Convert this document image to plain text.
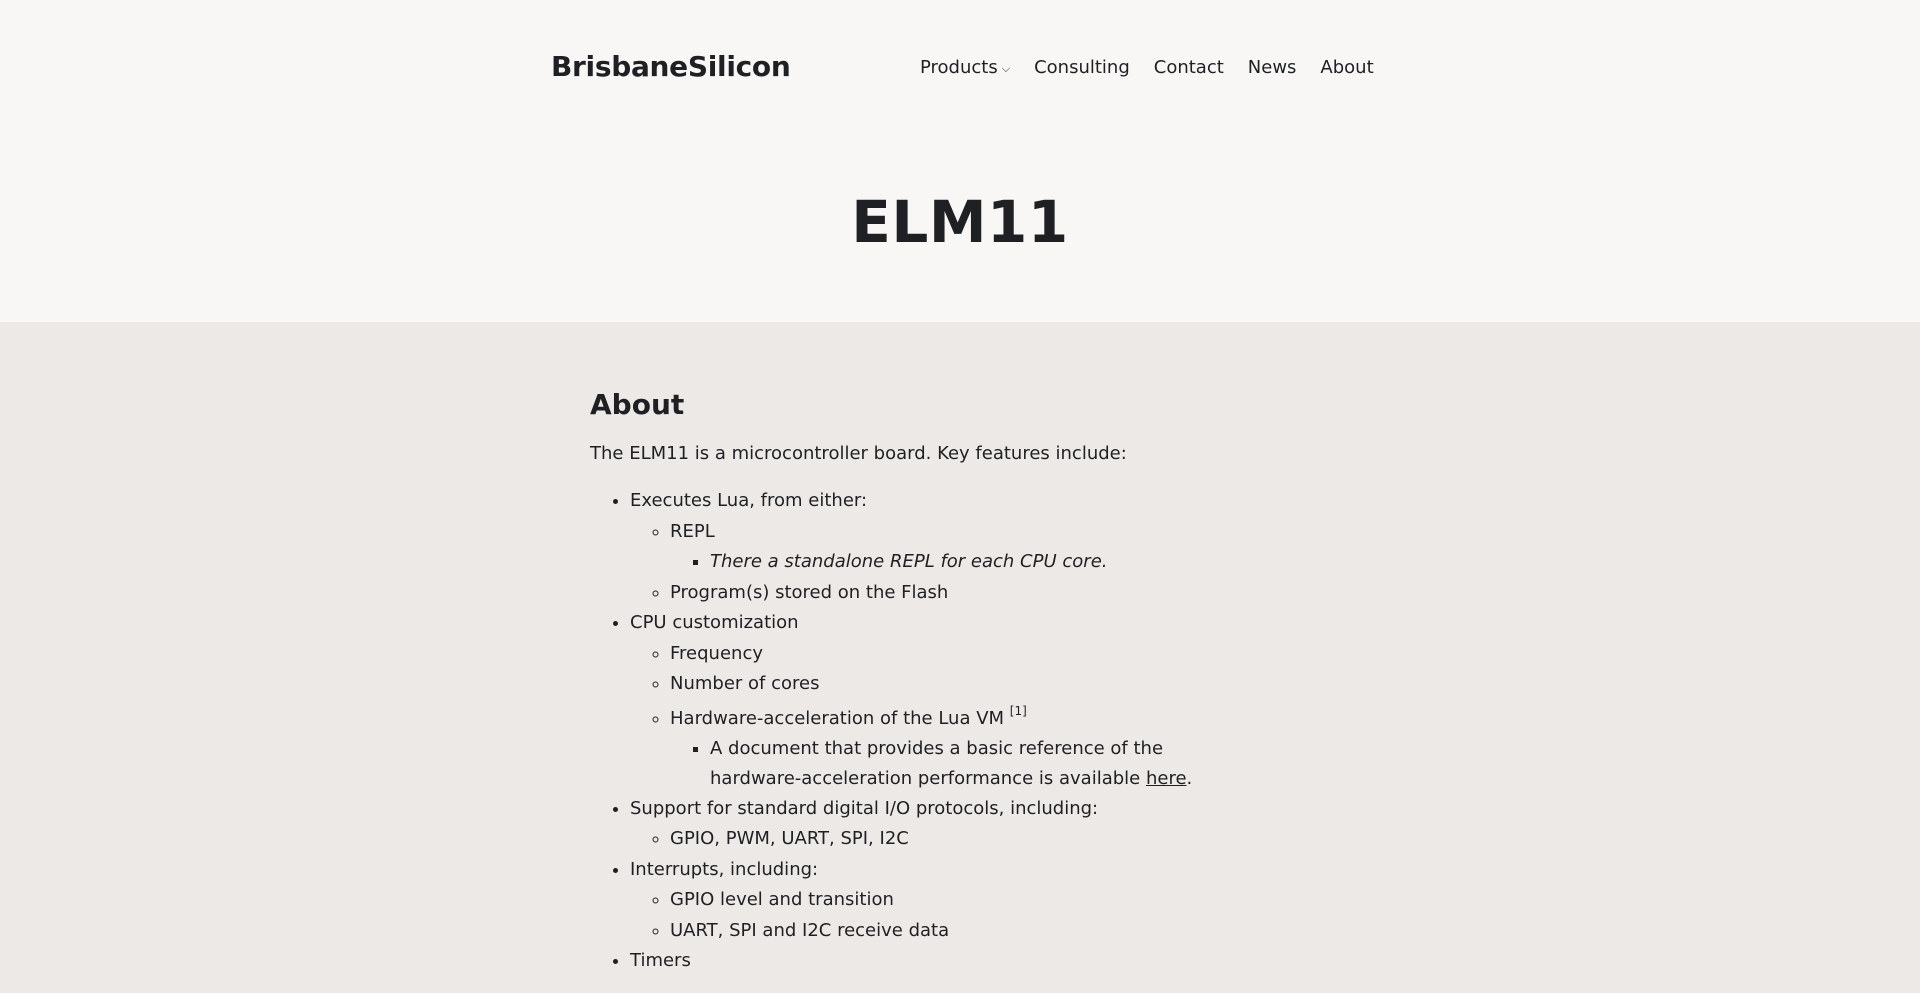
BrisbaneSilicon	Products ⌵ Consulting Contact News About
ELM11
About

The ELM11 is a microcontroller board. Key features include:

• Executes Lua, from either:
◦ REPL
▪ There a standalone REPL for each CPU core.
◦ Program(s) stored on the Flash
• CPU customization
◦ Frequency
◦ Number of cores
◦ Hardware-acceleration of the Lua VM [1]
▪ A document that provides a basic reference of the hardware-acceleration performance is available here.
• Support for standard digital I/O protocols, including:
◦ GPIO, PWM, UART, SPI, I2C
• Interrupts, including:
◦ GPIO level and transition
◦ UART, SPI and I2C receive data
• Timers
